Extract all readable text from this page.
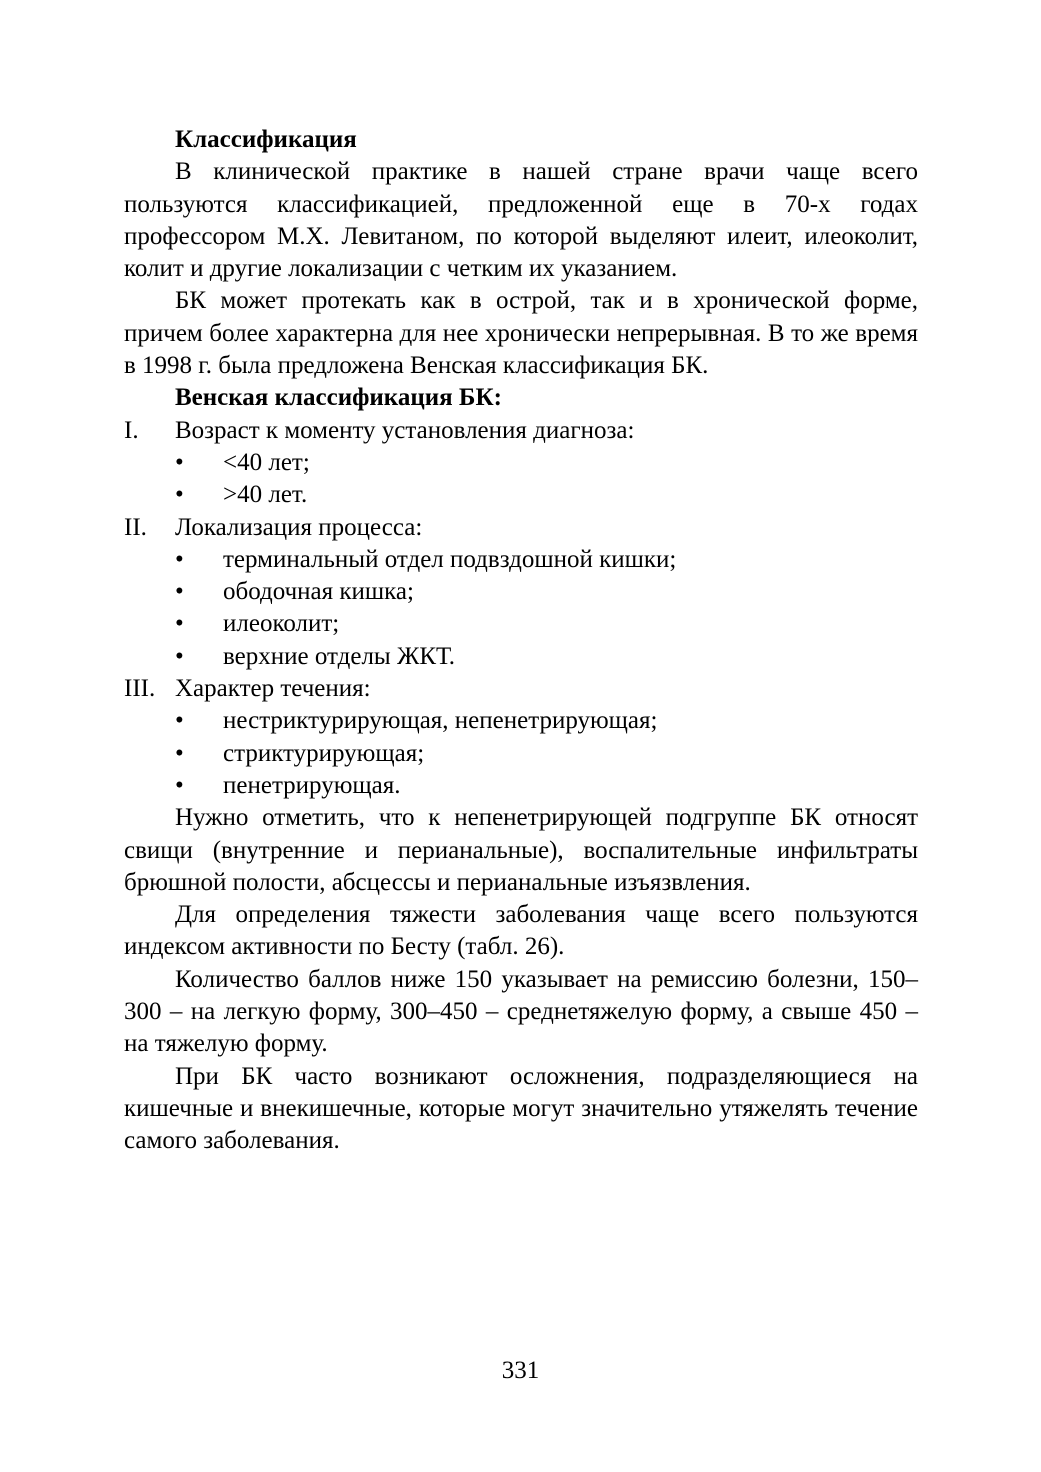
Классификация

В клинической практике в нашей стране врачи чаще всего пользуются классификацией, предложенной еще в 70-х годах профессором М.Х. Левитаном, по которой выделяют илеит, илеоколит, колит и другие локализации с четким их указанием.

БК может протекать как в острой, так и в хронической форме, причем более характерна для нее хронически непрерывная. В то же время в 1998 г. была предложена Венская классификация БК.

Венская классификация БК:

I.	Возраст к моменту установления диагноза:
•	<40 лет;
•	>40 лет.
II.	Локализация процесса:
•	терминальный отдел подвздошной кишки;
•	ободочная кишка;
•	илеоколит;
•	верхние отделы ЖКТ.
III. Характер течения:
•	нестриктурирующая, непенетрирующая;
•	стриктурирующая;
•	пенетрирующая.

Нужно отметить, что к непенетрирующей подгруппе БК относят свищи (внутренние и перианальные), воспалительные инфильтраты брюшной полости, абсцессы и перианальные изъязвления.

Для определения тяжести заболевания чаще всего пользуются индексом активности по Бесту (табл. 26).

Количество баллов ниже 150 указывает на ремиссию болезни, 150–300 – на легкую форму, 300–450 – среднетяжелую форму, а свыше 450 – на тяжелую форму.

При БК часто возникают осложнения, подразделяющиеся на кишечные и внекишечные, которые могут значительно утяжелять течение самого заболевания.

331
